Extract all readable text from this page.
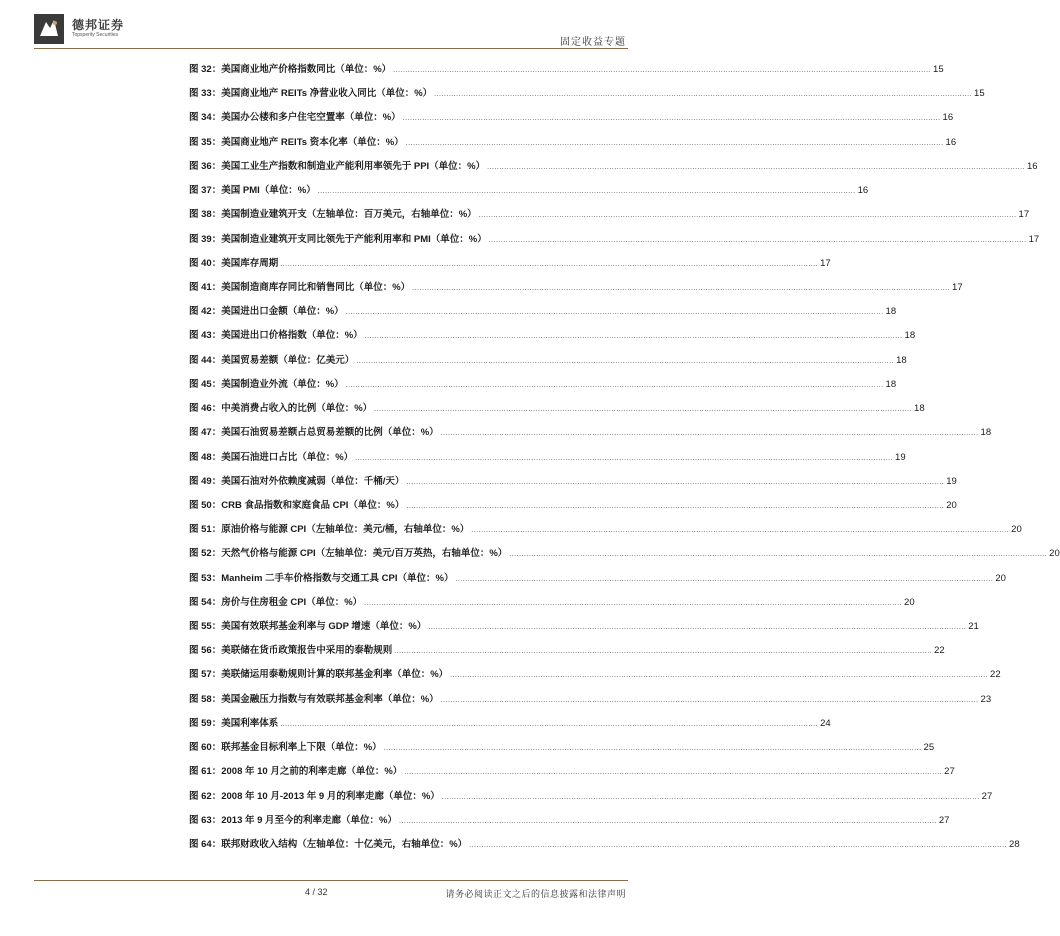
德邦证券
Topsperity Securities
固定收益专题
图 32： 美国商业地产价格指数同比（单位：%） ............................................................................................................................................................................................................................ 15
图 33： 美国商业地产 REITs 净营业收入同比（单位：%） ............................................................................................................................................................................................................................ 15
图 34： 美国办公楼和多户住宅空置率（单位：%） ............................................................................................................................................................................................................................ 16
图 35： 美国商业地产 REITs 资本化率（单位：%） ............................................................................................................................................................................................................................ 16
图 36： 美国工业生产指数和制造业产能利用率领先于 PPI（单位：%） ............................................................................................................................................................................................................................ 16
图 37： 美国 PMI（单位：%） ............................................................................................................................................................................................................................ 16
图 38： 美国制造业建筑开支（左轴单位：百万美元，右轴单位：%） ............................................................................................................................................................................................................................ 17
图 39： 美国制造业建筑开支同比领先于产能利用率和 PMI（单位：%） ............................................................................................................................................................................................................................ 17
图 40： 美国库存周期 ............................................................................................................................................................................................................................ 17
图 41： 美国制造商库存同比和销售同比（单位：%） ............................................................................................................................................................................................................................ 17
图 42： 美国进出口金额（单位：%） ............................................................................................................................................................................................................................ 18
图 43： 美国进出口价格指数（单位：%） ............................................................................................................................................................................................................................ 18
图 44： 美国贸易差额（单位：亿美元） ............................................................................................................................................................................................................................ 18
图 45： 美国制造业外流（单位：%） ............................................................................................................................................................................................................................ 18
图 46： 中美消费占收入的比例（单位：%） ............................................................................................................................................................................................................................ 18
图 47： 美国石油贸易差额占总贸易差额的比例（单位：%） ............................................................................................................................................................................................................................ 18
图 48： 美国石油进口占比（单位：%） ............................................................................................................................................................................................................................ 19
图 49： 美国石油对外依赖度减弱（单位：千桶/天） ............................................................................................................................................................................................................................ 19
图 50： CRB 食品指数和家庭食品 CPI（单位：%） ............................................................................................................................................................................................................................ 20
图 51： 原油价格与能源 CPI（左轴单位：美元/桶，右轴单位：%） ............................................................................................................................................................................................................................ 20
图 52： 天然气价格与能源 CPI（左轴单位：美元/百万英热，右轴单位：%） ............................................................................................................................................................................................................................ 20
图 53： Manheim 二手车价格指数与交通工具 CPI（单位：%） ............................................................................................................................................................................................................................ 20
图 54： 房价与住房租金 CPI（单位：%） ............................................................................................................................................................................................................................ 20
图 55： 美国有效联邦基金利率与 GDP 增速（单位：%） ............................................................................................................................................................................................................................ 21
图 56： 美联储在货币政策报告中采用的泰勒规则 ............................................................................................................................................................................................................................ 22
图 57： 美联储运用泰勒规则计算的联邦基金利率（单位：%） ............................................................................................................................................................................................................................ 22
图 58： 美国金融压力指数与有效联邦基金利率（单位：%） ............................................................................................................................................................................................................................ 23
图 59： 美国利率体系 ............................................................................................................................................................................................................................ 24
图 60： 联邦基金目标利率上下限（单位：%） ............................................................................................................................................................................................................................ 25
图 61： 2008 年 10 月之前的利率走廊（单位：%） ............................................................................................................................................................................................................................ 27
图 62： 2008 年 10 月-2013 年 9 月的利率走廊（单位：%） ............................................................................................................................................................................................................................ 27
图 63： 2013 年 9 月至今的利率走廊（单位：%） ............................................................................................................................................................................................................................ 27
图 64： 联邦财政收入结构（左轴单位：十亿美元，右轴单位：%） ............................................................................................................................................................................................................................ 28
4 / 32	请务必阅读正文之后的信息披露和法律声明
